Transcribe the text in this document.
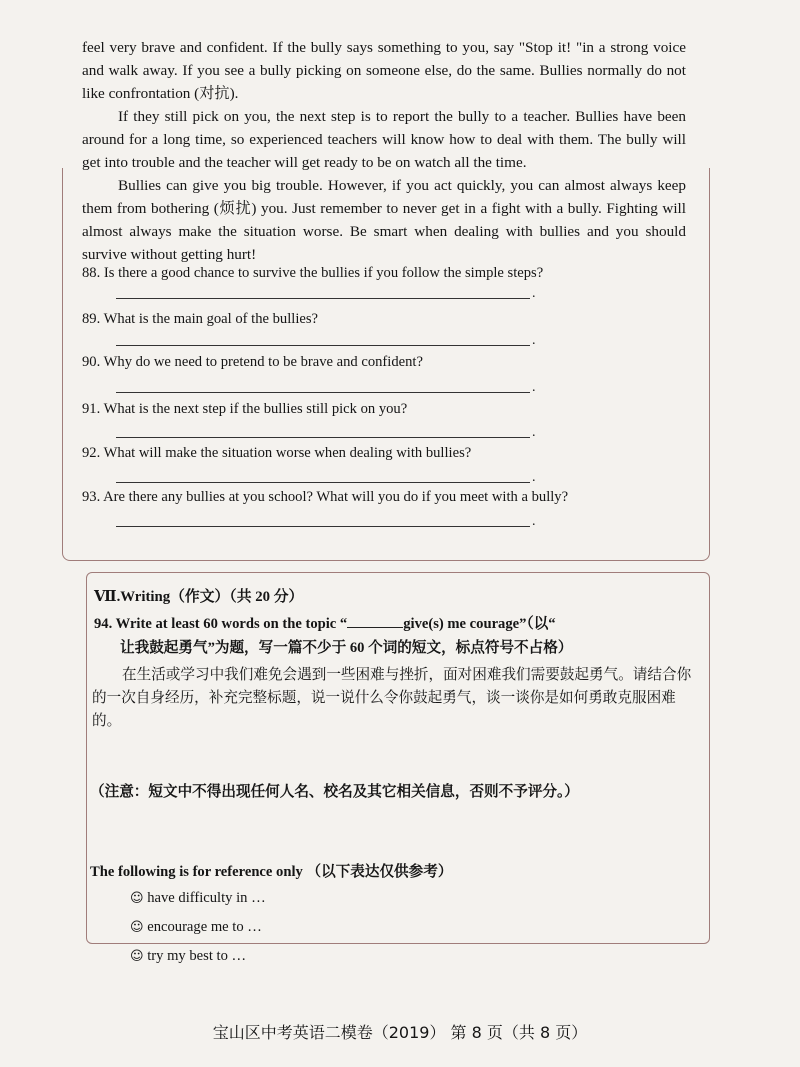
feel very brave and confident. If the bully says something to you, say "Stop it! "in a strong voice and walk away. If you see a bully picking on someone else, do the same. Bullies normally do not like confrontation (对抗).
If they still pick on you, the next step is to report the bully to a teacher. Bullies have been around for a long time, so experienced teachers will know how to deal with them. The bully will get into trouble and the teacher will get ready to be on watch all the time.
Bullies can give you big trouble. However, if you act quickly, you can almost always keep them from bothering (烦扰) you. Just remember to never get in a fight with a bully. Fighting will almost always make the situation worse. Be smart when dealing with bullies and you should survive without getting hurt!
88. Is there a good chance to survive the bullies if you follow the simple steps?
.
89. What is the main goal of the bullies?
.
90. Why do we need to pretend to be brave and confident?
.
91. What is the next step if the bullies still pick on you?
.
92. What will make the situation worse when dealing with bullies?
.
93. Are there any bullies at you school? What will you do if you meet with a bully?
.
Ⅶ.Writing（作文）（共 20 分）
94. Write at least 60 words on the topic “	give(s) me courage”（以“
让我鼓起勇气”为题，写一篇不少于 60 个词的短文，标点符号不占格）
在生活或学习中我们难免会遇到一些困难与挫折，面对困难我们需要鼓起勇气。请结合你的一次自身经历，补充完整标题，说一说什么令你鼓起勇气，谈一谈你是如何勇敢克服困难的。
（注意：短文中不得出现任何人名、校名及其它相关信息，否则不予评分。）
The following is for reference only （以下表达仅供参考）
☺ have difficulty in …
☺ encourage me to …
☺ try my best to …
宝山区中考英语二模卷（2019） 第 8 页（共 8 页）
